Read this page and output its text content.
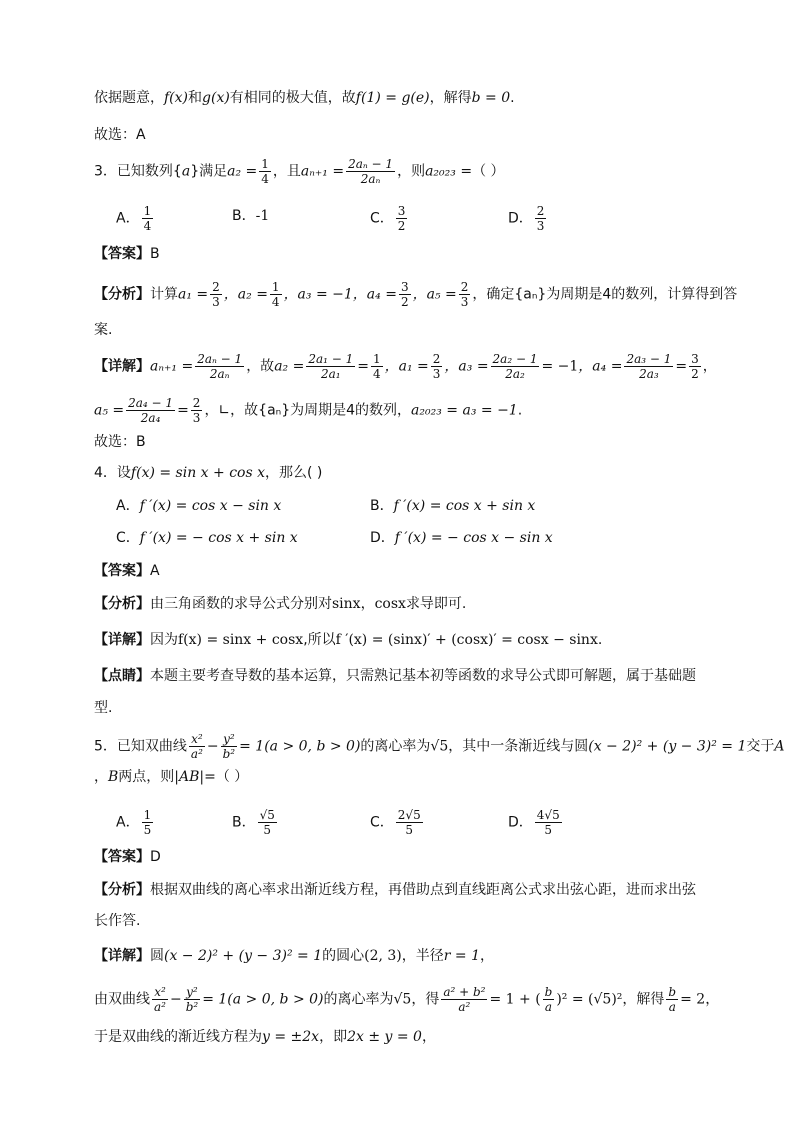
依据题意，f(x)和g(x)有相同的极大值，故f(1) = g(e)，解得b = 0.
故选：A
3．已知数列{a}满足$a_2 = \frac{1}{4}$ ，且$a_{n+1} = \frac{\text{2aₙ − 1}}{\text{2aₙ}}$ ，则a₂₀₂₃ =（ ）
A． $\frac{1}{4}$	B．-1	C． $\frac{3}{2}$	D． $\frac{2}{3}$
【答案】B
【分析】计算$a_1 = \frac{2}{3}$ ，$a_2 = \frac{1}{4}$ ，a₃ = −1，$a_4 = \frac{3}{2}$ ，$a_5 = \frac{2}{3}$ ，确定{aₙ}为周期是4的数列，计算得到答
案.
【详解】$a_{n+1} = \frac{\text{2aₙ − 1}}{\text{2aₙ}}$ ，故$a_2 = \frac{\text{2a₁ − 1}}{\text{2a₁}} = \frac{1}{4}$ ，$a_1 = \frac{2}{3}$ ，$a_3 = \frac{\text{2a₂ − 1}}{\text{2a₂}} = -1$，$a_4 = \frac{\text{2a₃ − 1}}{\text{2a₃}} = \frac{3}{2}$ ，
$a_5 = \frac{\text{2a₄ − 1}}{\text{2a₄}} = \frac{2}{3}$ ，∟，故{aₙ}为周期是4的数列，a₂₀₂₃ = a₃ = −1.
故选：B
4．设f(x) = sin x + cos x，那么( )
A．f ′(x) = cos x − sin x	B．f ′(x) = cos x + sin x
C．f ′(x) = − cos x + sin x	D．f ′(x) = − cos x − sin x
【答案】A
【分析】由三角函数的求导公式分别对sinx，cosx求导即可.
【详解】因为f(x) = sinx + cosx,所以f ′(x) = (sinx)′ + (cosx)′ = cosx − sinx.
【点睛】本题主要考查导数的基本运算，只需熟记基本初等函数的求导公式即可解题，属于基础题
型.
5．已知双曲线 $\frac{\text{x²}}{\text{a²}} - \frac{\text{y²}}{\text{b²}} = 1(a > 0$, b > 0)的离心率为√5，其中一条渐近线与圆(x − 2)² + (y − 3)² = 1交于A
，B两点，则|AB|=（ ）
A． $\frac{1}{5}$	B． $\frac{√5}{5}$	C． $\frac{2√5}{5}$	D． $\frac{4√5}{5}$
【答案】D
【分析】根据双曲线的离心率求出渐近线方程，再借助点到直线距离公式求出弦心距，进而求出弦
长作答.
【详解】圆(x − 2)² + (y − 3)² = 1的圆心(2, 3)，半径r = 1，
由双曲线 $\frac{\text{x²}}{\text{a²}} - \frac{\text{y²}}{\text{b²}} = 1(a > 0$, b > 0)的离心率为√5，得 $\frac{\text{a² + b²}}{\text{a²}} = 1$ + ( $\frac{b}{a} )^2 = (√5)^2$，解得 $\frac{b}{a} = 2$，
于是双曲线的渐近线方程为y = ±2x，即2x ± y = 0，
